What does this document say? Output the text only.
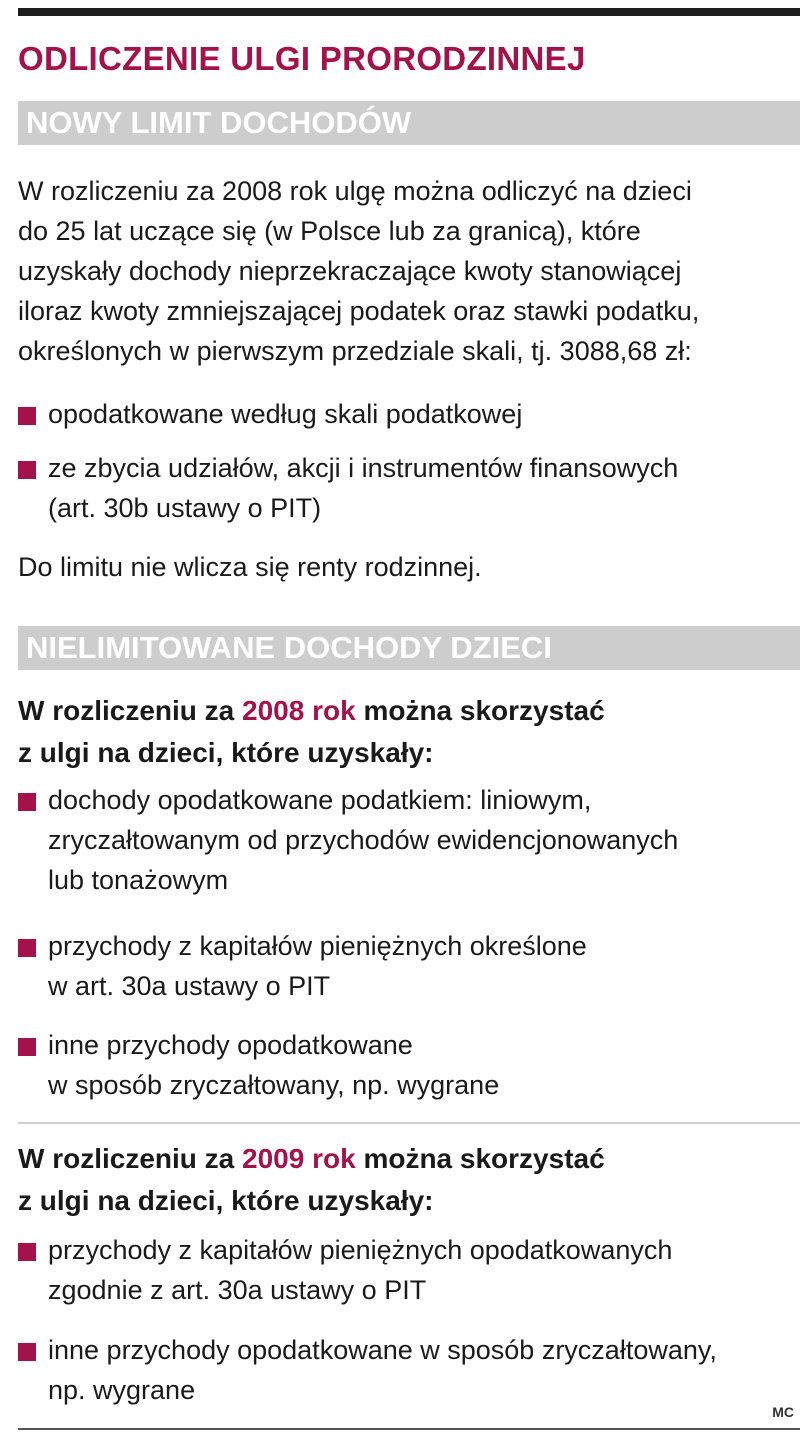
ODLICZENIE ULGI PRORODZINNEJ
NOWY LIMIT DOCHODÓW

W rozliczeniu za 2008 rok ulgę można odliczyć na dzieci

do 25 lat uczące się (w Polsce lub za granicą), które

uzyskały dochody nieprzekraczające kwoty stanowiącej

iloraz kwoty zmniejszającej podatek oraz stawki podatku,

określonych w pierwszym przedziale skali, tj. 3088,68 zł:

opodatkowane według skali podatkowej
ze zbycia udziałów, akcji i instrumentów finansowych
(art. 30b ustawy o PIT)

Do limitu nie wlicza się renty rodzinnej.

NIELIMITOWANE DOCHODY DZIECI

W rozliczeniu za 2008 rok można skorzystać

z ulgi na dzieci, które uzyskały:

dochody opodatkowane podatkiem: liniowym,
zryczałtowanym od przychodów ewidencjonowanych
lub tonażowym
przychody z kapitałów pieniężnych określone
w art. 30a ustawy o PIT
inne przychody opodatkowane
w sposób zryczałtowany, np. wygrane

W rozliczeniu za 2009 rok można skorzystać

z ulgi na dzieci, które uzyskały:

przychody z kapitałów pieniężnych opodatkowanych
zgodnie z art. 30a ustawy o PIT
inne przychody opodatkowane w sposób zryczałtowany,
np. wygrane
MC
